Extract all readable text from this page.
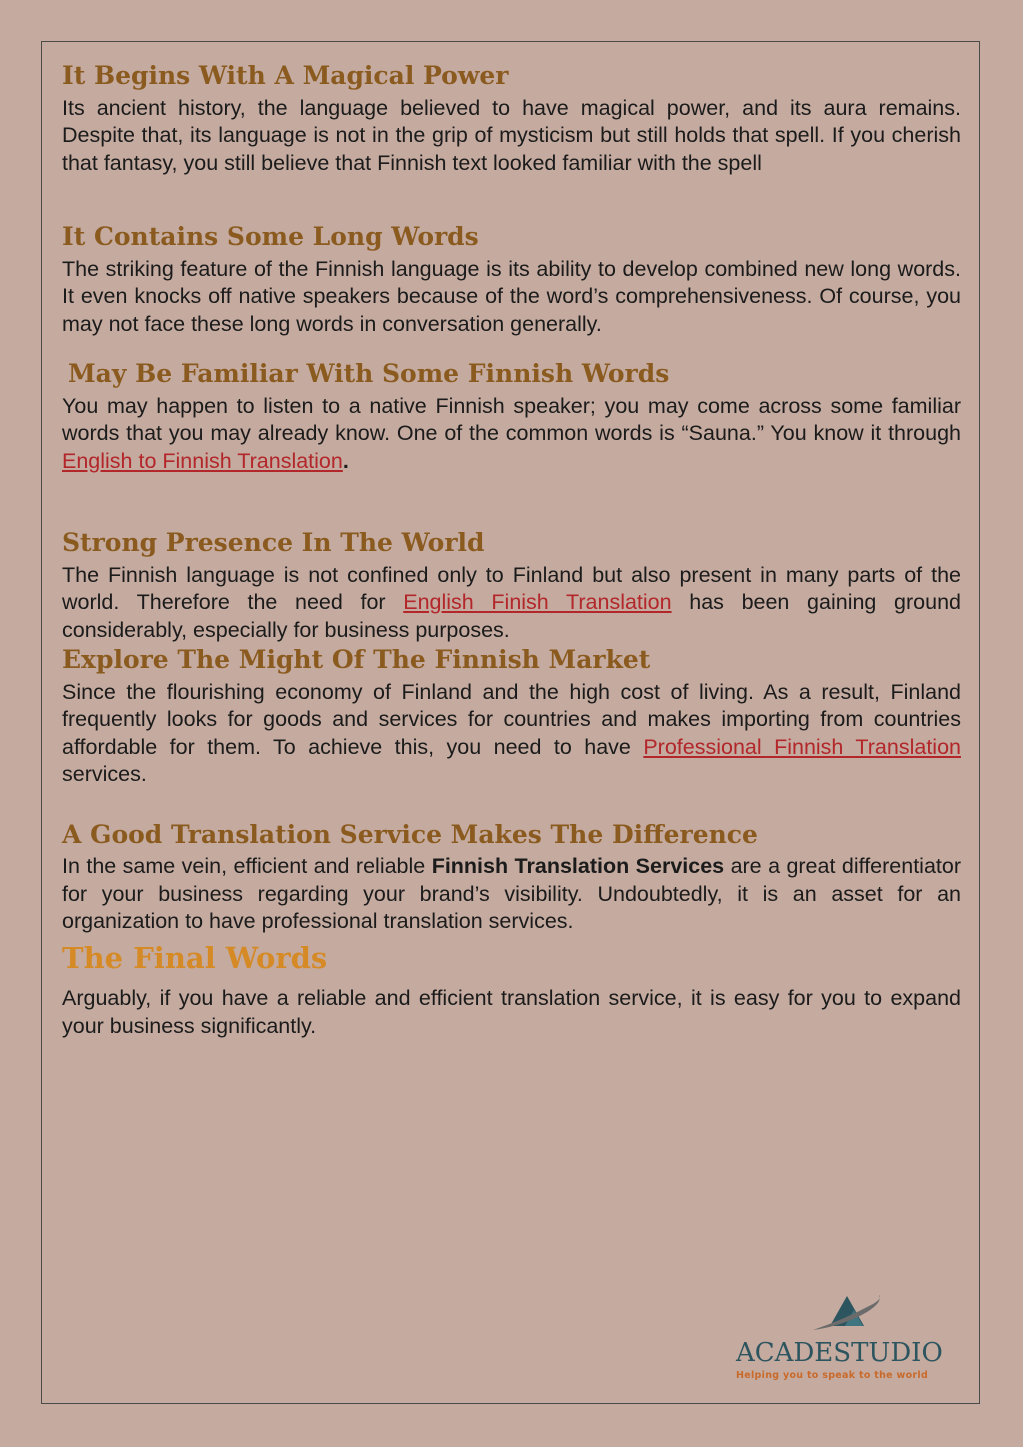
It Begins With A Magical Power

Its ancient history, the language believed to have magical power, and its aura remains. Despite that, its language is not in the grip of mysticism but still holds that spell. If you cherish that fantasy, you still believe that Finnish text looked familiar with the spell

It Contains Some Long Words

The striking feature of the Finnish language is its ability to develop combined new long words. It even knocks off native speakers because of the word’s comprehensiveness. Of course, you may not face these long words in conversation generally.

May Be Familiar With Some Finnish Words

You may happen to listen to a native Finnish speaker; you may come across some familiar words that you may already know. One of the common words is “Sauna.” You know it through English to Finnish Translation.

Strong Presence In The World

The Finnish language is not confined only to Finland but also present in many parts of the world. Therefore the need for English Finish Translation has been gaining ground considerably, especially for business purposes.

Explore The Might Of The Finnish Market

Since the flourishing economy of Finland and the high cost of living. As a result, Finland frequently looks for goods and services for countries and makes importing from countries affordable for them. To achieve this, you need to have Professional Finnish Translation services.

A Good Translation Service Makes The Difference

In the same vein, efficient and reliable Finnish Translation Services are a great differentiator for your business regarding your brand’s visibility. Undoubtedly, it is an asset for an organization to have professional translation services.

The Final Words

Arguably, if you have a reliable and efficient translation service, it is easy for you to expand your business significantly.

ACADESTUDIO
Helping you to speak to the world
